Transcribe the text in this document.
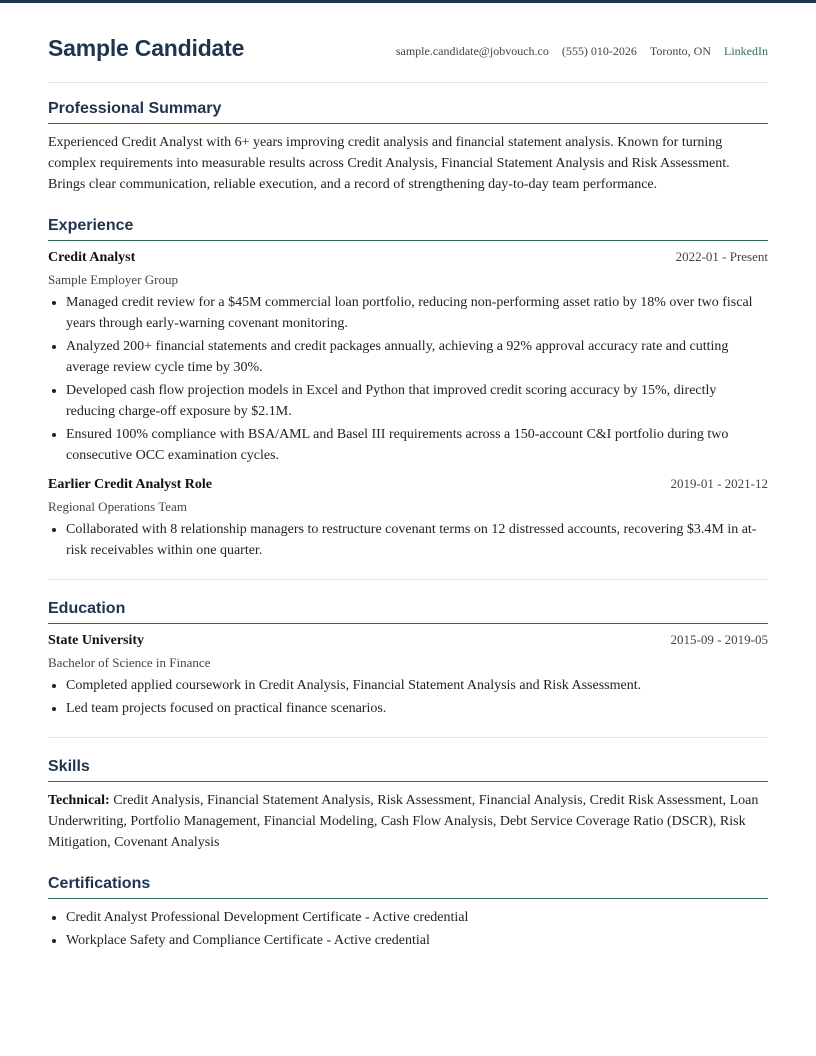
Sample Candidate	sample.candidate@jobvouch.co (555) 010-2026 Toronto, ON LinkedIn
Professional Summary

Experienced Credit Analyst with 6+ years improving credit analysis and financial statement analysis. Known for turning complex requirements into measurable results across Credit Analysis, Financial Statement Analysis and Risk Assessment. Brings clear communication, reliable execution, and a record of strengthening day-to-day team performance.

Experience
Credit Analyst	2022-01 - Present
Sample Employer Group
• Managed credit review for a $45M commercial loan portfolio, reducing non-performing asset ratio by 18% over two fiscal years through early-warning covenant monitoring.
• Analyzed 200+ financial statements and credit packages annually, achieving a 92% approval accuracy rate and cutting average review cycle time by 30%.
• Developed cash flow projection models in Excel and Python that improved credit scoring accuracy by 15%, directly reducing charge-off exposure by $2.1M.
• Ensured 100% compliance with BSA/AML and Basel III requirements across a 150-account C&I portfolio during two consecutive OCC examination cycles.
Earlier Credit Analyst Role	2019-01 - 2021-12
Regional Operations Team
• Collaborated with 8 relationship managers to restructure covenant terms on 12 distressed accounts, recovering $3.4M in at-risk receivables within one quarter.
Education
State University	2015-09 - 2019-05
Bachelor of Science in Finance
• Completed applied coursework in Credit Analysis, Financial Statement Analysis and Risk Assessment.
• Led team projects focused on practical finance scenarios.
Skills

Technical: Credit Analysis, Financial Statement Analysis, Risk Assessment, Financial Analysis, Credit Risk Assessment, Loan Underwriting, Portfolio Management, Financial Modeling, Cash Flow Analysis, Debt Service Coverage Ratio (DSCR), Risk Mitigation, Covenant Analysis

Certifications
• Credit Analyst Professional Development Certificate - Active credential
• Workplace Safety and Compliance Certificate - Active credential
